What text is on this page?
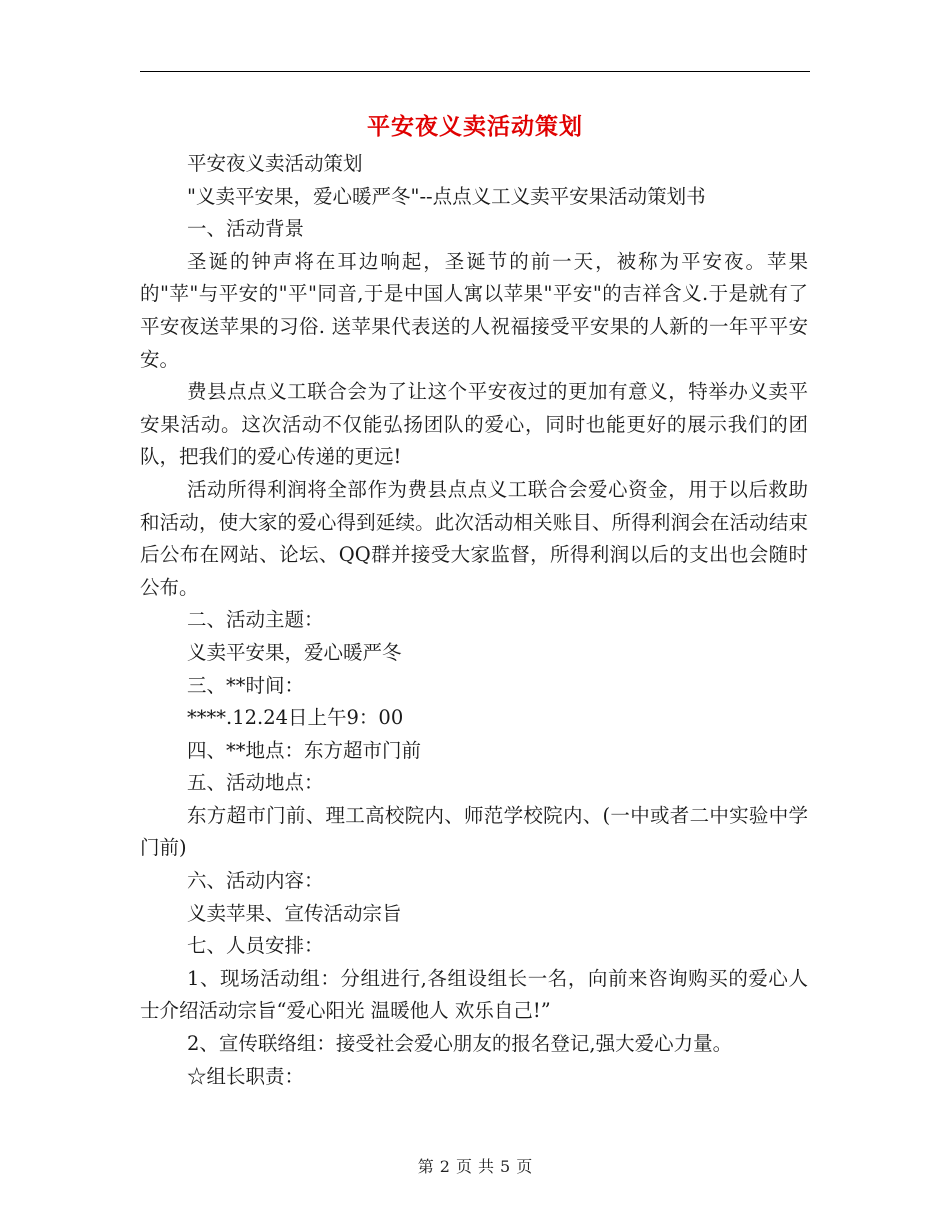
平安夜义卖活动策划

平安夜义卖活动策划

"义卖平安果，爱心暖严冬"--点点义工义卖平安果活动策划书

一、活动背景

圣诞的钟声将在耳边响起，圣诞节的前一天，被称为平安夜。苹果的"苹"与平安的"平"同音,于是中国人寓以苹果"平安"的吉祥含义.于是就有了平安夜送苹果的习俗. 送苹果代表送的人祝福接受平安果的人新的一年平平安安。

费县点点义工联合会为了让这个平安夜过的更加有意义，特举办义卖平安果活动。这次活动不仅能弘扬团队的爱心，同时也能更好的展示我们的团队，把我们的爱心传递的更远!

活动所得利润将全部作为费县点点义工联合会爱心资金，用于以后救助和活动，使大家的爱心得到延续。此次活动相关账目、所得利润会在活动结束后公布在网站、论坛、QQ群并接受大家监督，所得利润以后的支出也会随时公布。

二、活动主题：

义卖平安果，爱心暖严冬

三、**时间：

****.12.24日上午9：00

四、**地点：东方超市门前

五、活动地点：

东方超市门前、理工高校院内、师范学校院内、(一中或者二中实验中学门前)

六、活动内容：

义卖苹果、宣传活动宗旨

七、人员安排：

1、现场活动组：分组进行,各组设组长一名，向前来咨询购买的爱心人士介绍活动宗旨“爱心阳光 温暖他人 欢乐自己!”

2、宣传联络组：接受社会爱心朋友的报名登记,强大爱心力量。

☆组长职责：

第 2 页 共 5 页
